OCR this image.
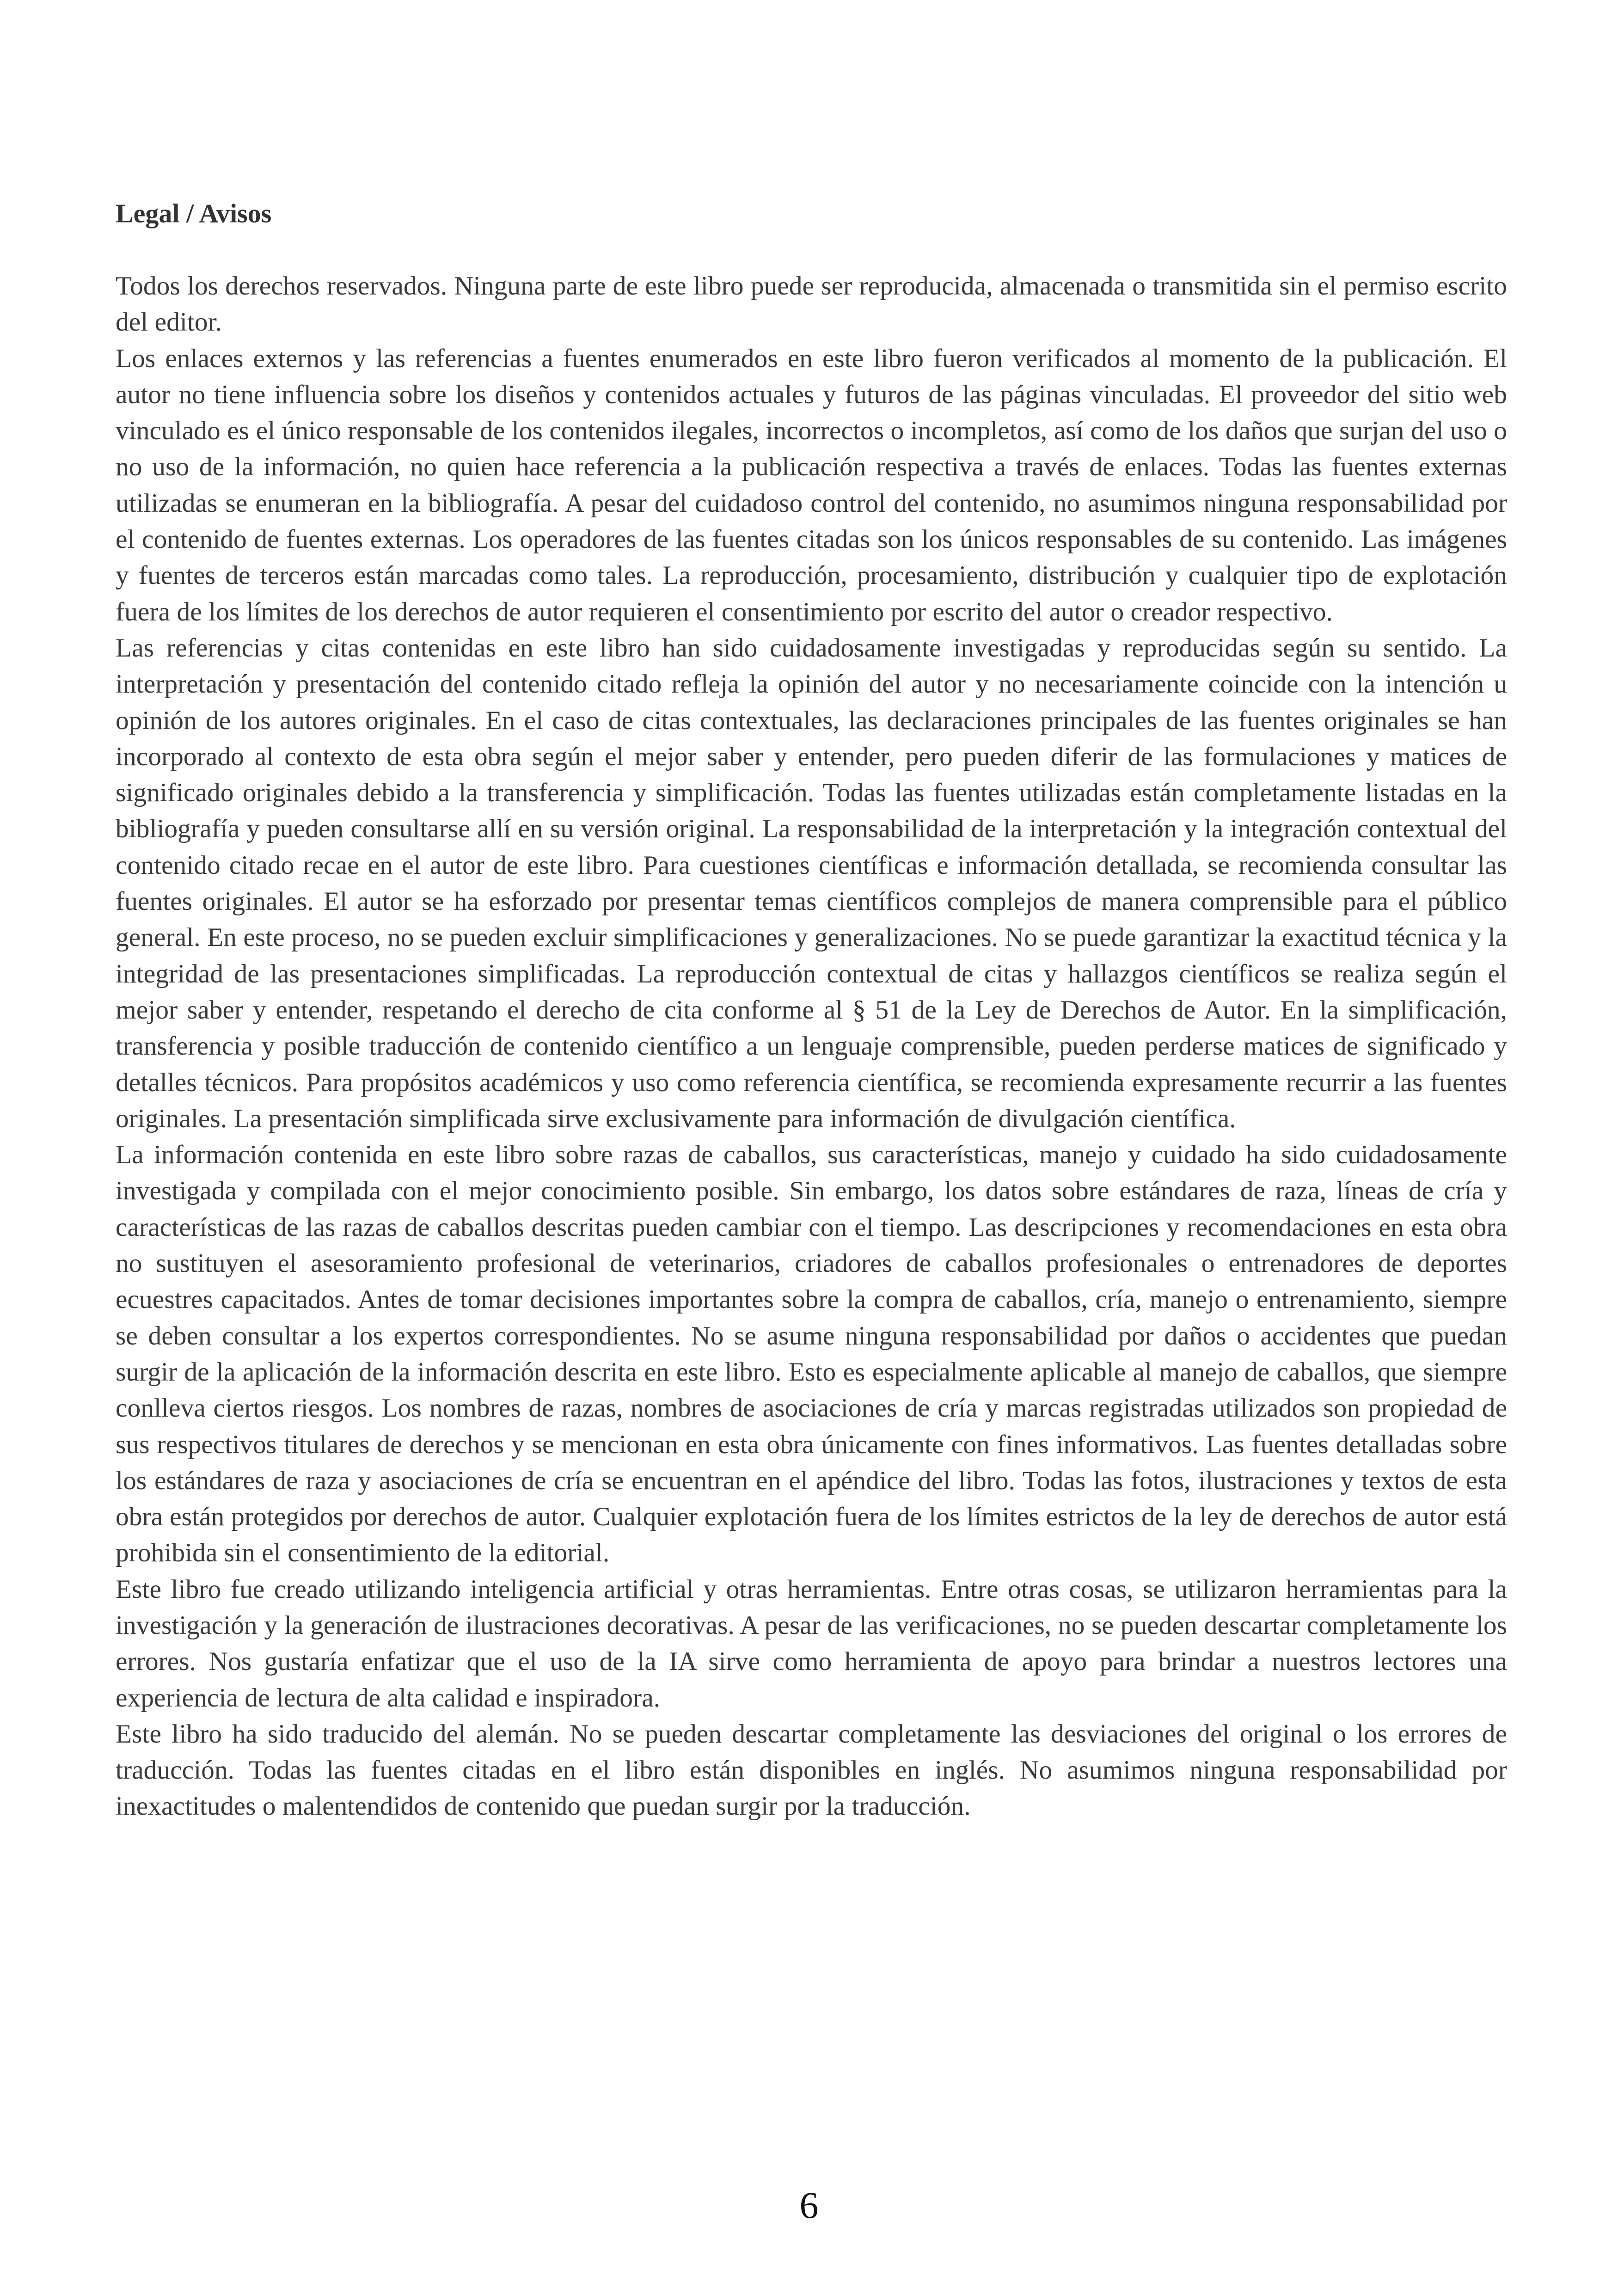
Legal / Avisos

Todos los derechos reservados. Ninguna parte de este libro puede ser reproducida, almacenada o transmitida sin el permiso escrito del editor.

Los enlaces externos y las referencias a fuentes enumerados en este libro fueron verificados al momento de la publicación. El autor no tiene influencia sobre los diseños y contenidos actuales y futuros de las páginas vinculadas. El proveedor del sitio web vinculado es el único responsable de los contenidos ilegales, incorrectos o incompletos, así como de los daños que surjan del uso o no uso de la información, no quien hace referencia a la publicación respectiva a través de enlaces. Todas las fuentes externas utilizadas se enumeran en la bibliografía. A pesar del cuidadoso control del contenido, no asumimos ninguna responsabilidad por el contenido de fuentes externas. Los operadores de las fuentes citadas son los únicos responsables de su contenido. Las imágenes y fuentes de terceros están marcadas como tales. La reproducción, procesamiento, distribución y cualquier tipo de explotación fuera de los límites de los derechos de autor requieren el consentimiento por escrito del autor o creador respectivo.

Las referencias y citas contenidas en este libro han sido cuidadosamente investigadas y reproducidas según su sentido. La interpretación y presentación del contenido citado refleja la opinión del autor y no necesariamente coincide con la intención u opinión de los autores originales. En el caso de citas contextuales, las declaraciones principales de las fuentes originales se han incorporado al contexto de esta obra según el mejor saber y entender, pero pueden diferir de las formulaciones y matices de significado originales debido a la transferencia y simplificación. Todas las fuentes utilizadas están completamente listadas en la bibliografía y pueden consultarse allí en su versión original. La responsabilidad de la interpretación y la integración contextual del contenido citado recae en el autor de este libro. Para cuestiones científicas e información detallada, se recomienda consultar las fuentes originales. El autor se ha esforzado por presentar temas científicos complejos de manera comprensible para el público general. En este proceso, no se pueden excluir simplificaciones y generalizaciones. No se puede garantizar la exactitud técnica y la integridad de las presentaciones simplificadas. La reproducción contextual de citas y hallazgos científicos se realiza según el mejor saber y entender, respetando el derecho de cita conforme al § 51 de la Ley de Derechos de Autor. En la simplificación, transferencia y posible traducción de contenido científico a un lenguaje comprensible, pueden perderse matices de significado y detalles técnicos. Para propósitos académicos y uso como referencia científica, se recomienda expresamente recurrir a las fuentes originales. La presentación simplificada sirve exclusivamente para información de divulgación científica.

La información contenida en este libro sobre razas de caballos, sus características, manejo y cuidado ha sido cuidadosamente investigada y compilada con el mejor conocimiento posible. Sin embargo, los datos sobre estándares de raza, líneas de cría y características de las razas de caballos descritas pueden cambiar con el tiempo. Las descripciones y recomendaciones en esta obra no sustituyen el asesoramiento profesional de veterinarios, criadores de caballos profesionales o entrenadores de deportes ecuestres capacitados. Antes de tomar decisiones importantes sobre la compra de caballos, cría, manejo o entrenamiento, siempre se deben consultar a los expertos correspondientes. No se asume ninguna responsabilidad por daños o accidentes que puedan surgir de la aplicación de la información descrita en este libro. Esto es especialmente aplicable al manejo de caballos, que siempre conlleva ciertos riesgos. Los nombres de razas, nombres de asociaciones de cría y marcas registradas utilizados son propiedad de sus respectivos titulares de derechos y se mencionan en esta obra únicamente con fines informativos. Las fuentes detalladas sobre los estándares de raza y asociaciones de cría se encuentran en el apéndice del libro. Todas las fotos, ilustraciones y textos de esta obra están protegidos por derechos de autor. Cualquier explotación fuera de los límites estrictos de la ley de derechos de autor está prohibida sin el consentimiento de la editorial.

Este libro fue creado utilizando inteligencia artificial y otras herramientas. Entre otras cosas, se utilizaron herramientas para la investigación y la generación de ilustraciones decorativas. A pesar de las verificaciones, no se pueden descartar completamente los errores. Nos gustaría enfatizar que el uso de la IA sirve como herramienta de apoyo para brindar a nuestros lectores una experiencia de lectura de alta calidad e inspiradora.

Este libro ha sido traducido del alemán. No se pueden descartar completamente las desviaciones del original o los errores de traducción. Todas las fuentes citadas en el libro están disponibles en inglés. No asumimos ninguna responsabilidad por inexactitudes o malentendidos de contenido que puedan surgir por la traducción.

6
